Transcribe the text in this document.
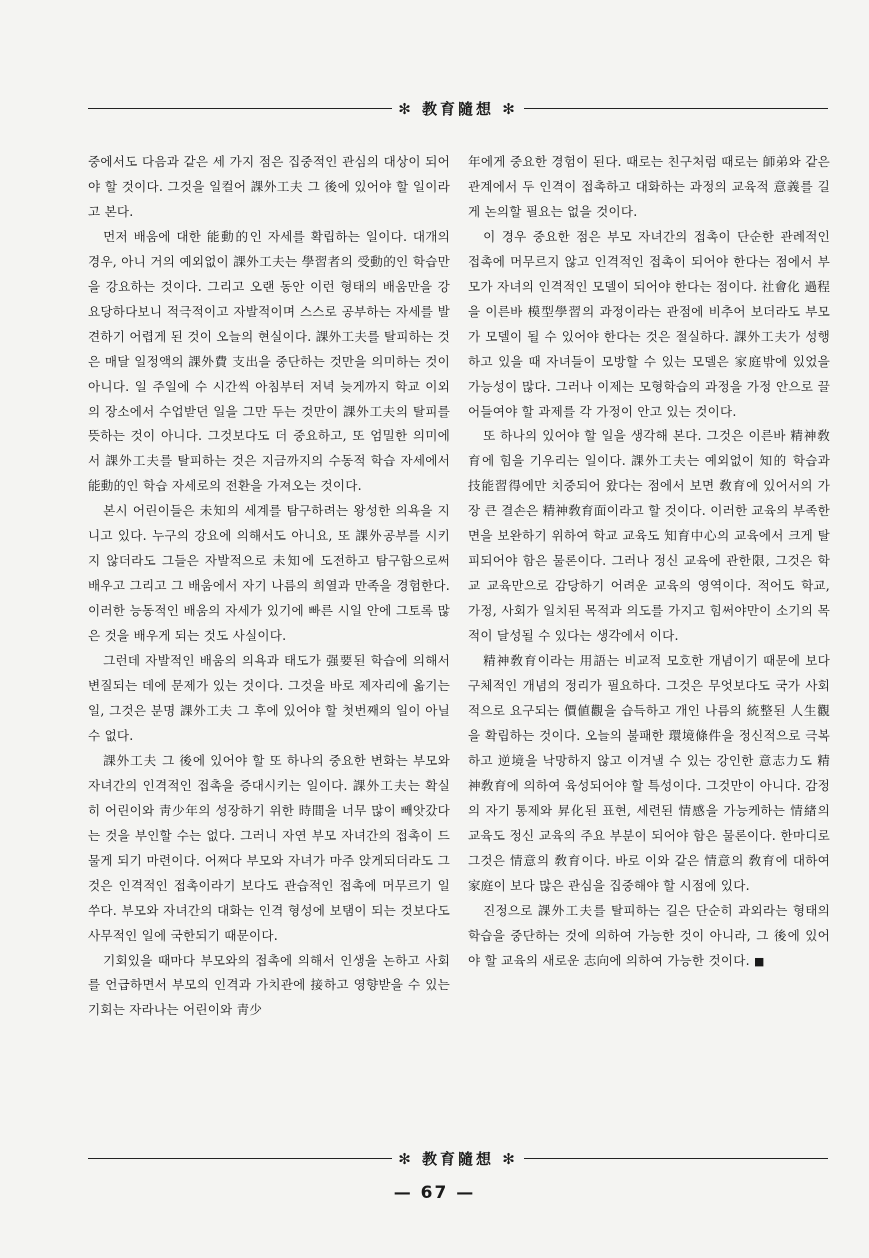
✻ 教育隨想 ✻

중에서도 다음과 같은 세 가지 점은 집중적인 관심의 대상이 되어야 할 것이다. 그것을 일컬어 課外工夫 그 後에 있어야 할 일이라고 본다.

먼저 배움에 대한 能動的인 자세를 확립하는 일이다. 대개의 경우, 아니 거의 예외없이 課外工夫는 學習者의 受動的인 학습만을 강요하는 것이다. 그리고 오랜 동안 이런 형태의 배움만을 강요당하다보니 적극적이고 자발적이며 스스로 공부하는 자세를 발견하기 어렵게 된 것이 오늘의 현실이다. 課外工夫를 탈피하는 것은 매달 일정액의 課外費 支出을 중단하는 것만을 의미하는 것이 아니다. 일 주일에 수 시간씩 아침부터 저녁 늦게까지 학교 이외의 장소에서 수업받던 일을 그만 두는 것만이 課外工夫의 탈피를 뜻하는 것이 아니다. 그것보다도 더 중요하고, 또 엄밀한 의미에서 課外工夫를 탈피하는 것은 지금까지의 수동적 학습 자세에서 能動的인 학습 자세로의 전환을 가져오는 것이다.

본시 어린이들은 未知의 세계를 탐구하려는 왕성한 의욕을 지니고 있다. 누구의 강요에 의해서도 아니요, 또 課外공부를 시키지 않더라도 그들은 자발적으로 未知에 도전하고 탐구함으로써 배우고 그리고 그 배움에서 자기 나름의 희열과 만족을 경험한다. 이러한 능동적인 배움의 자세가 있기에 빠른 시일 안에 그토록 많은 것을 배우게 되는 것도 사실이다.

그런데 자발적인 배움의 의욕과 태도가 强要된 학습에 의해서 변질되는 데에 문제가 있는 것이다. 그것을 바로 제자리에 옮기는 일, 그것은 분명 課外工夫 그 후에 있어야 할 첫번째의 일이 아닐 수 없다.

課外工夫 그 後에 있어야 할 또 하나의 중요한 변화는 부모와 자녀간의 인격적인 접촉을 증대시키는 일이다. 課外工夫는 확실히 어린이와 靑少年의 성장하기 위한 時間을 너무 많이 빼앗갔다는 것을 부인할 수는 없다. 그러니 자연 부모 자녀간의 접촉이 드물게 되기 마련이다. 어쩌다 부모와 자녀가 마주 앉게되더라도 그것은 인격적인 접촉이라기 보다도 관습적인 접촉에 머무르기 일쑤다. 부모와 자녀간의 대화는 인격 형성에 보탬이 되는 것보다도 사무적인 일에 국한되기 때문이다.

기회있을 때마다 부모와의 접촉에 의해서 인생을 논하고 사회를 언급하면서 부모의 인격과 가치관에 接하고 영향받을 수 있는 기회는 자라나는 어린이와 靑少

年에게 중요한 경험이 된다. 때로는 친구처럼 때로는 師弟와 같은 관계에서 두 인격이 접촉하고 대화하는 과정의 교육적 意義를 길게 논의할 필요는 없을 것이다.

이 경우 중요한 점은 부모 자녀간의 접촉이 단순한 관례적인 접촉에 머무르지 않고 인격적인 접촉이 되어야 한다는 점에서 부모가 자녀의 인격적인 모델이 되어야 한다는 점이다. 社會化 過程을 이른바 模型學習의 과정이라는 관점에 비추어 보더라도 부모가 모델이 될 수 있어야 한다는 것은 절실하다. 課外工夫가 성행하고 있을 때 자녀들이 모방할 수 있는 모델은 家庭밖에 있었을 가능성이 많다. 그러나 이제는 모형학습의 과정을 가정 안으로 끌어들여야 할 과제를 각 가정이 안고 있는 것이다.

또 하나의 있어야 할 일을 생각해 본다. 그것은 이른바 精神敎育에 힘을 기우리는 일이다. 課外工夫는 예외없이 知的 학습과 技能習得에만 치중되어 왔다는 점에서 보면 敎育에 있어서의 가장 큰 결손은 精神敎育面이라고 할 것이다. 이러한 교육의 부족한 면을 보완하기 위하여 학교 교육도 知育中心의 교육에서 크게 탈피되어야 함은 물론이다. 그러나 정신 교육에 관한限, 그것은 학교 교육만으로 감당하기 어려운 교육의 영역이다. 적어도 학교, 가정, 사회가 일치된 목적과 의도를 가지고 힘써야만이 소기의 목적이 달성될 수 있다는 생각에서 이다.

精神敎育이라는 用語는 비교적 모호한 개념이기 때문에 보다 구체적인 개념의 정리가 필요하다. 그것은 무엇보다도 국가 사회적으로 요구되는 價値觀을 습득하고 개인 나름의 統整된 人生觀을 확립하는 것이다. 오늘의 불패한 環境條件을 정신적으로 극복하고 逆境을 낙망하지 않고 이겨낼 수 있는 강인한 意志力도 精神敎育에 의하여 육성되어야 할 특성이다. 그것만이 아니다. 감정의 자기 통제와 昇化된 표현, 세련된 情感을 가능케하는 情緖의 교육도 정신 교육의 주요 부분이 되어야 함은 물론이다. 한마디로 그것은 情意의 敎育이다. 바로 이와 같은 情意의 敎育에 대하여 家庭이 보다 많은 관심을 집중해야 할 시점에 있다.

진정으로 課外工夫를 탈피하는 길은 단순히 과외라는 형태의 학습을 중단하는 것에 의하여 가능한 것이 아니라, 그 後에 있어야 할 교육의 새로운 志向에 의하여 가능한 것이다. ■

✻ 教育隨想 ✻
— 67 —
